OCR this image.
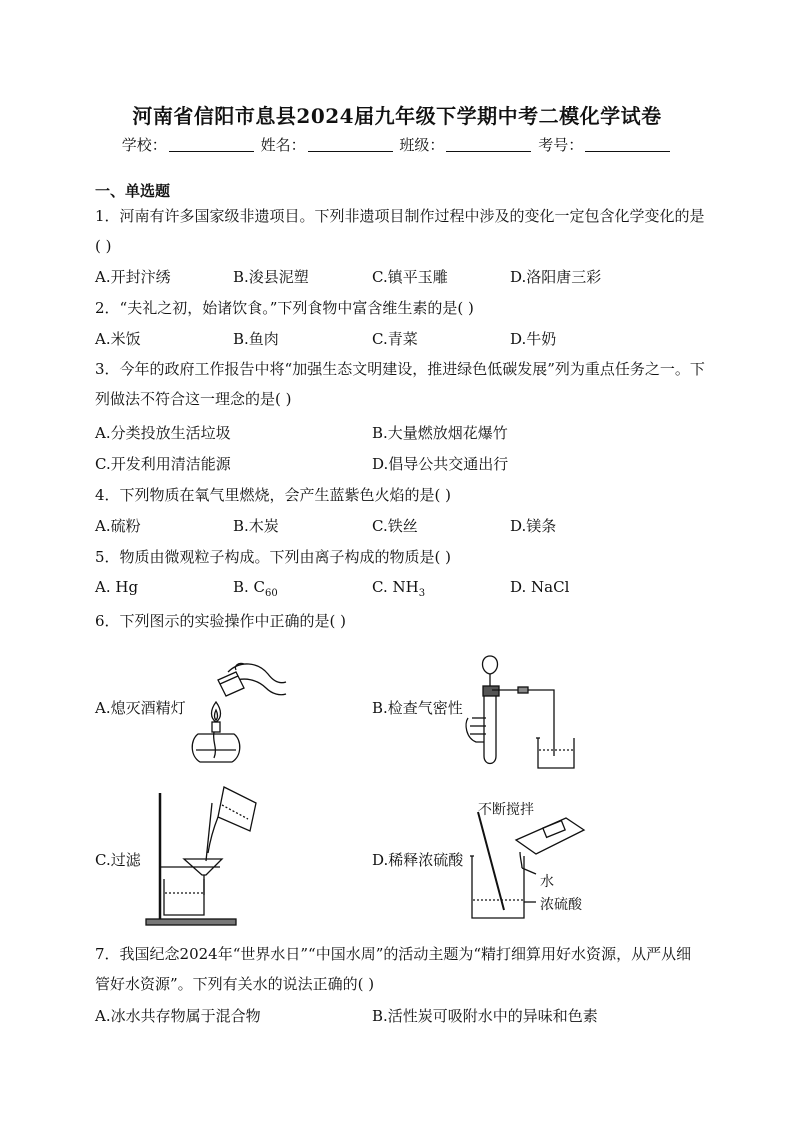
河南省信阳市息县2024届九年级下学期中考二模化学试卷
学校：	姓名：	班级：	考号：
一、单选题
1．河南有许多国家级非遗项目。下列非遗项目制作过程中涉及的变化一定包含化学变化的是( )
A.开封汴绣	B.浚县泥塑	C.镇平玉雕	D.洛阳唐三彩
2．“夫礼之初，始诸饮食。”下列食物中富含维生素的是( )
A.米饭	B.鱼肉	C.青菜	D.牛奶
3．今年的政府工作报告中将“加强生态文明建设，推进绿色低碳发展”列为重点任务之一。下列做法不符合这一理念的是( )
A.分类投放生活垃圾	B.大量燃放烟花爆竹
C.开发利用清洁能源	D.倡导公共交通出行
4．下列物质在氧气里燃烧，会产生蓝紫色火焰的是( )
A.硫粉	B.木炭	C.铁丝	D.镁条
5．物质由微观粒子构成。下列由离子构成的物质是( )
A. Hg	B. $C_{60}$	C. $NH_3$	D. NaCl
6．下列图示的实验操作中正确的是( )
A.熄灭酒精灯	B.检查气密性
C.过滤	D.稀释浓硫酸
不断搅拌
水
浓硫酸
7．我国纪念2024年“世界水日”“中国水周”的活动主题为“精打细算用好水资源，从严从细管好水资源”。下列有关水的说法正确的( )
A.冰水共存物属于混合物	B.活性炭可吸附水中的异味和色素
